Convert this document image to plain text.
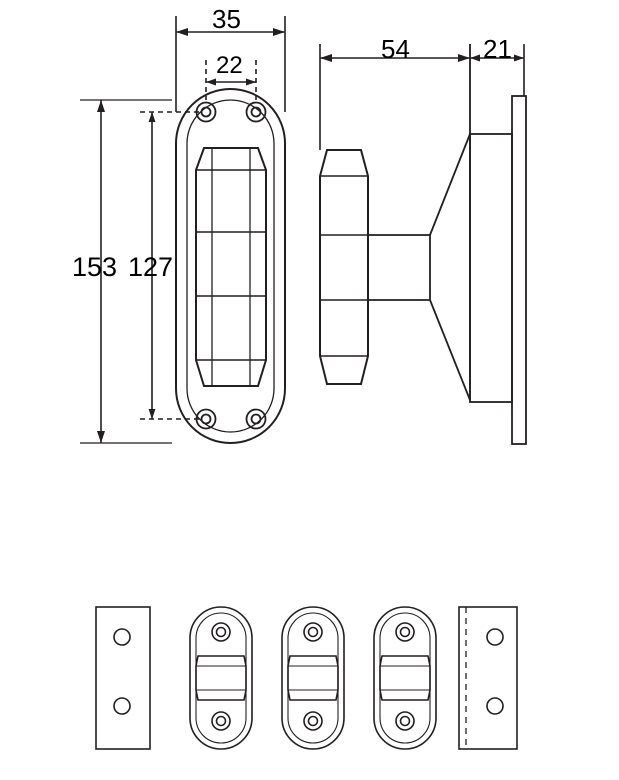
35
22
54	21
153 127
